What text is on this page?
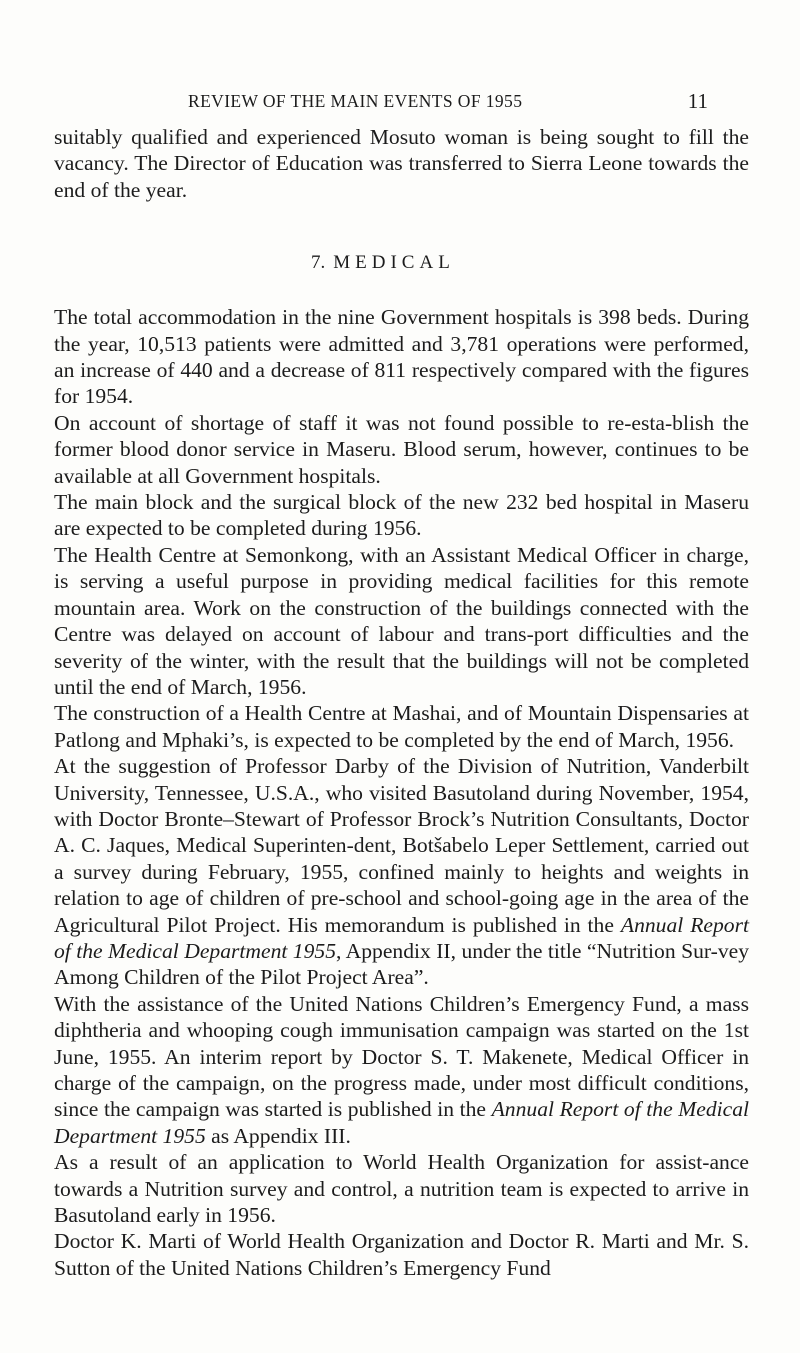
REVIEW OF THE MAIN EVENTS OF 1955	11

suitably qualified and experienced Mosuto woman is being sought to fill the vacancy. The Director of Education was transferred to Sierra Leone towards the end of the year.

7. MEDICAL

The total accommodation in the nine Government hospitals is 398 beds. During the year, 10,513 patients were admitted and 3,781 operations were performed, an increase of 440 and a decrease of 811 respectively compared with the figures for 1954.

On account of shortage of staff it was not found possible to re-esta-blish the former blood donor service in Maseru. Blood serum, however, continues to be available at all Government hospitals.

The main block and the surgical block of the new 232 bed hospital in Maseru are expected to be completed during 1956.

The Health Centre at Semonkong, with an Assistant Medical Officer in charge, is serving a useful purpose in providing medical facilities for this remote mountain area. Work on the construction of the buildings connected with the Centre was delayed on account of labour and trans-port difficulties and the severity of the winter, with the result that the buildings will not be completed until the end of March, 1956.

The construction of a Health Centre at Mashai, and of Mountain Dispensaries at Patlong and Mphaki’s, is expected to be completed by the end of March, 1956.

At the suggestion of Professor Darby of the Division of Nutrition, Vanderbilt University, Tennessee, U.S.A., who visited Basutoland during November, 1954, with Doctor Bronte–Stewart of Professor Brock’s Nutrition Consultants, Doctor A. C. Jaques, Medical Superinten-dent, Botšabelo Leper Settlement, carried out a survey during February, 1955, confined mainly to heights and weights in relation to age of children of pre-school and school-going age in the area of the Agricultural Pilot Project. His memorandum is published in the Annual Report of the Medical Department 1955, Appendix II, under the title “Nutrition Sur-vey Among Children of the Pilot Project Area”.

With the assistance of the United Nations Children’s Emergency Fund, a mass diphtheria and whooping cough immunisation campaign was started on the 1st June, 1955. An interim report by Doctor S. T. Makenete, Medical Officer in charge of the campaign, on the progress made, under most difficult conditions, since the campaign was started is published in the Annual Report of the Medical Department 1955 as Appendix III.

As a result of an application to World Health Organization for assist-ance towards a Nutrition survey and control, a nutrition team is expected to arrive in Basutoland early in 1956.

Doctor K. Marti of World Health Organization and Doctor R. Marti and Mr. S. Sutton of the United Nations Children’s Emergency Fund
